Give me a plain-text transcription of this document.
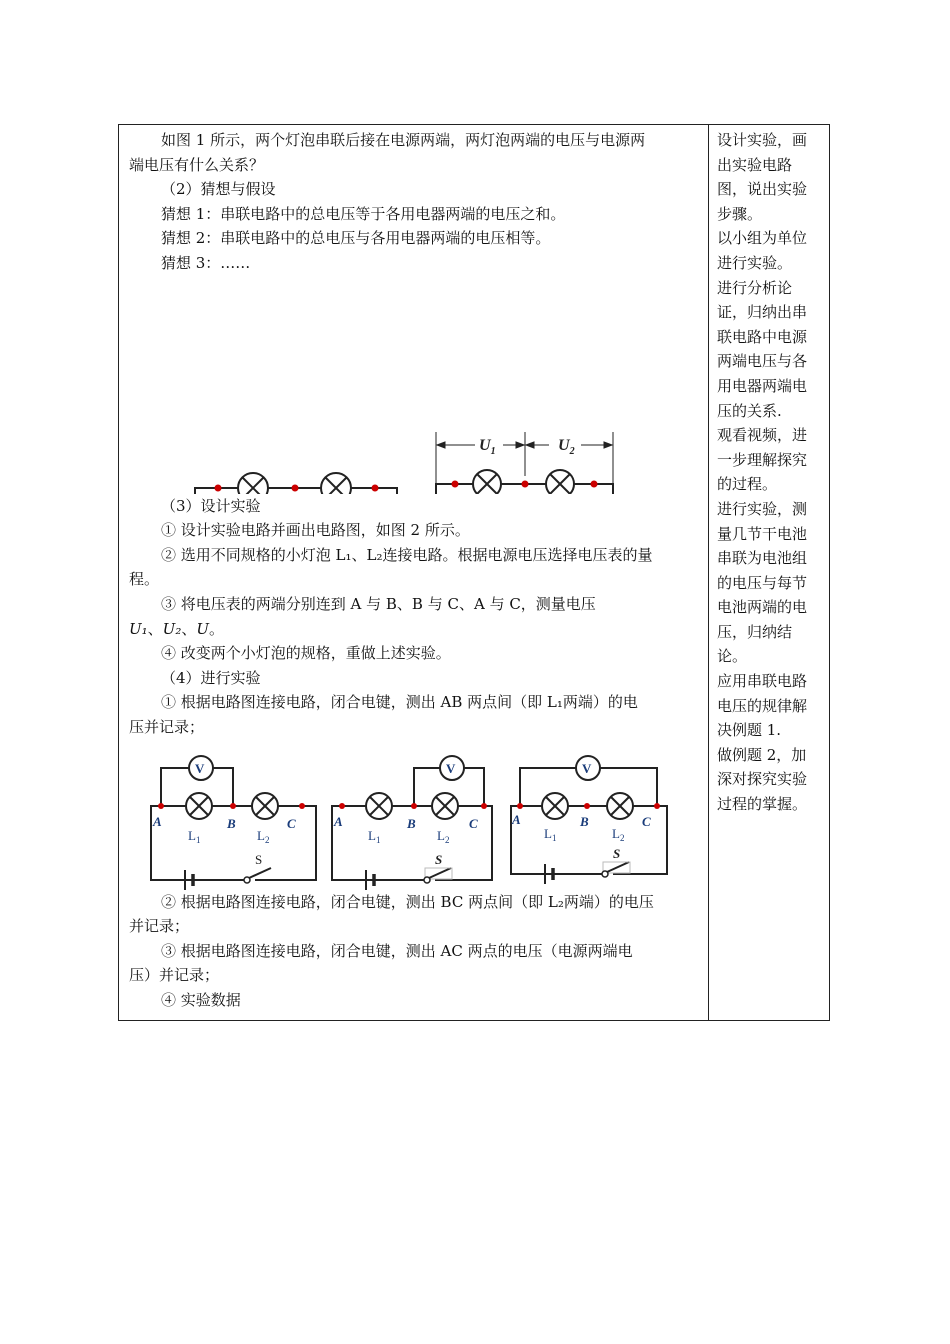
如图 1 所示，两个灯泡串联后接在电源两端，两灯泡两端的电压与电源两

端电压有什么关系？

（2）猜想与假设

猜想 1：串联电路中的总电压等于各用电器两端的电压之和。

猜想 2：串联电路中的总电压与各用电器两端的电压相等。

猜想 3：……

$U_1$	$U_2$

（3）设计实验

① 设计实验电路并画出电路图，如图 2 所示。

② 选用不同规格的小灯泡 L₁、L₂连接电路。根据电源电压选择电压表的量

程。

③ 将电压表的两端分别连到 A 与 B、B 与 C、A 与 C，测量电压

U₁、U₂、U。

④ 改变两个小灯泡的规格，重做上述实验。

（4）进行实验

① 根据电路图连接电路，闭合电键，测出 AB 两点间（即 L₁两端）的电

压并记录；

V
A	B	C
$L_1$	$L_2$
S
V
A	B	C
$L_1$	$L_2$
S
V
A	B	C
$L_1$	$L_2$
S

② 根据电路图连接电路，闭合电键，测出 BC 两点间（即 L₂两端）的电压

并记录；

③ 根据电路图连接电路，闭合电键，测出 AC 两点的电压（电源两端电

压）并记录；

④ 实验数据

设计实验，画

出实验电路

图，说出实验

步骤。

以小组为单位

进行实验。

进行分析论

证，归纳出串

联电路中电源

两端电压与各

用电器两端电

压的关系.

观看视频，进

一步理解探究

的过程。

进行实验，测

量几节干电池

串联为电池组

的电压与每节

电池两端的电

压，归纳结

论。

应用串联电路

电压的规律解

决例题 1.

做例题 2，加

深对探究实验

过程的掌握。
